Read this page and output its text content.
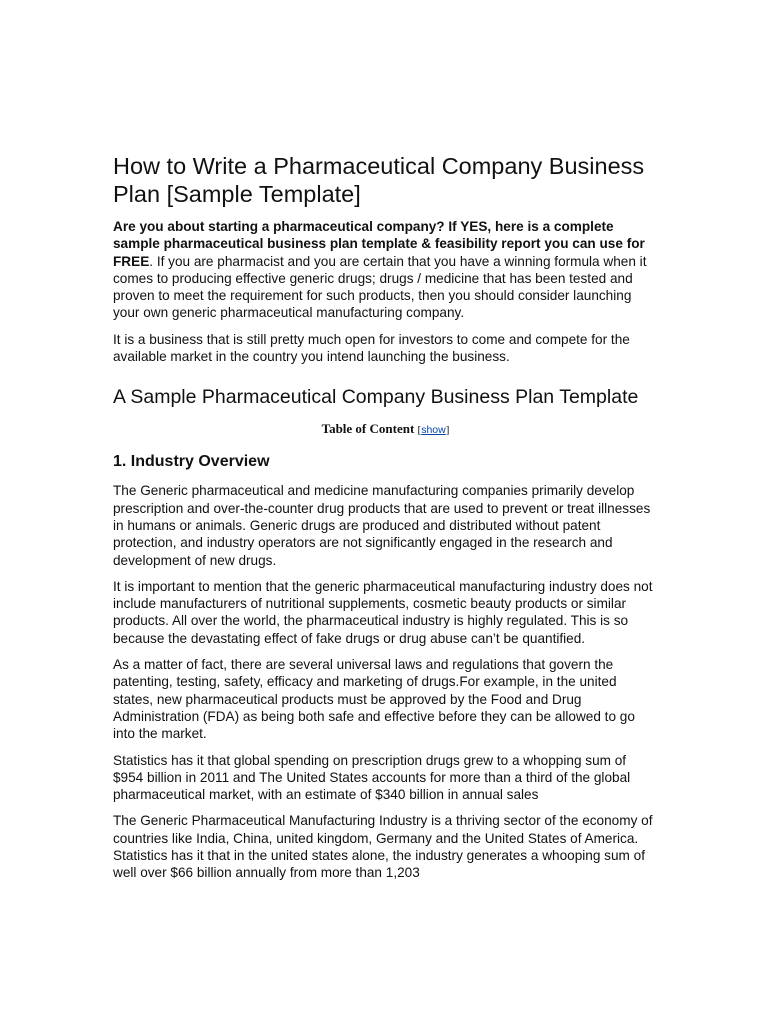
How to Write a Pharmaceutical Company Business Plan [Sample Template]

Are you about starting a pharmaceutical company? If YES, here is a complete sample pharmaceutical business plan template & feasibility report you can use for FREE. If you are pharmacist and you are certain that you have a winning formula when it comes to producing effective generic drugs; drugs / medicine that has been tested and proven to meet the requirement for such products, then you should consider launching your own generic pharmaceutical manufacturing company.

It is a business that is still pretty much open for investors to come and compete for the available market in the country you intend launching the business.

A Sample Pharmaceutical Company Business Plan Template
Table of Content [show]
1. Industry Overview

The Generic pharmaceutical and medicine manufacturing companies primarily develop prescription and over-the-counter drug products that are used to prevent or treat illnesses in humans or animals. Generic drugs are produced and distributed without patent protection, and industry operators are not significantly engaged in the research and development of new drugs.

It is important to mention that the generic pharmaceutical manufacturing industry does not include manufacturers of nutritional supplements, cosmetic beauty products or similar products. All over the world, the pharmaceutical industry is highly regulated. This is so because the devastating effect of fake drugs or drug abuse can’t be quantified.

As a matter of fact, there are several universal laws and regulations that govern the patenting, testing, safety, efficacy and marketing of drugs.For example, in the united states, new pharmaceutical products must be approved by the Food and Drug Administration (FDA) as being both safe and effective before they can be allowed to go into the market.

Statistics has it that global spending on prescription drugs grew to a whopping sum of $954 billion in 2011 and The United States accounts for more than a third of the global pharmaceutical market, with an estimate of $340 billion in annual sales

The Generic Pharmaceutical Manufacturing Industry is a thriving sector of the economy of countries like India, China, united kingdom, Germany and the United States of America. Statistics has it that in the united states alone, the industry generates a whooping sum of well over $66 billion annually from more than 1,203
